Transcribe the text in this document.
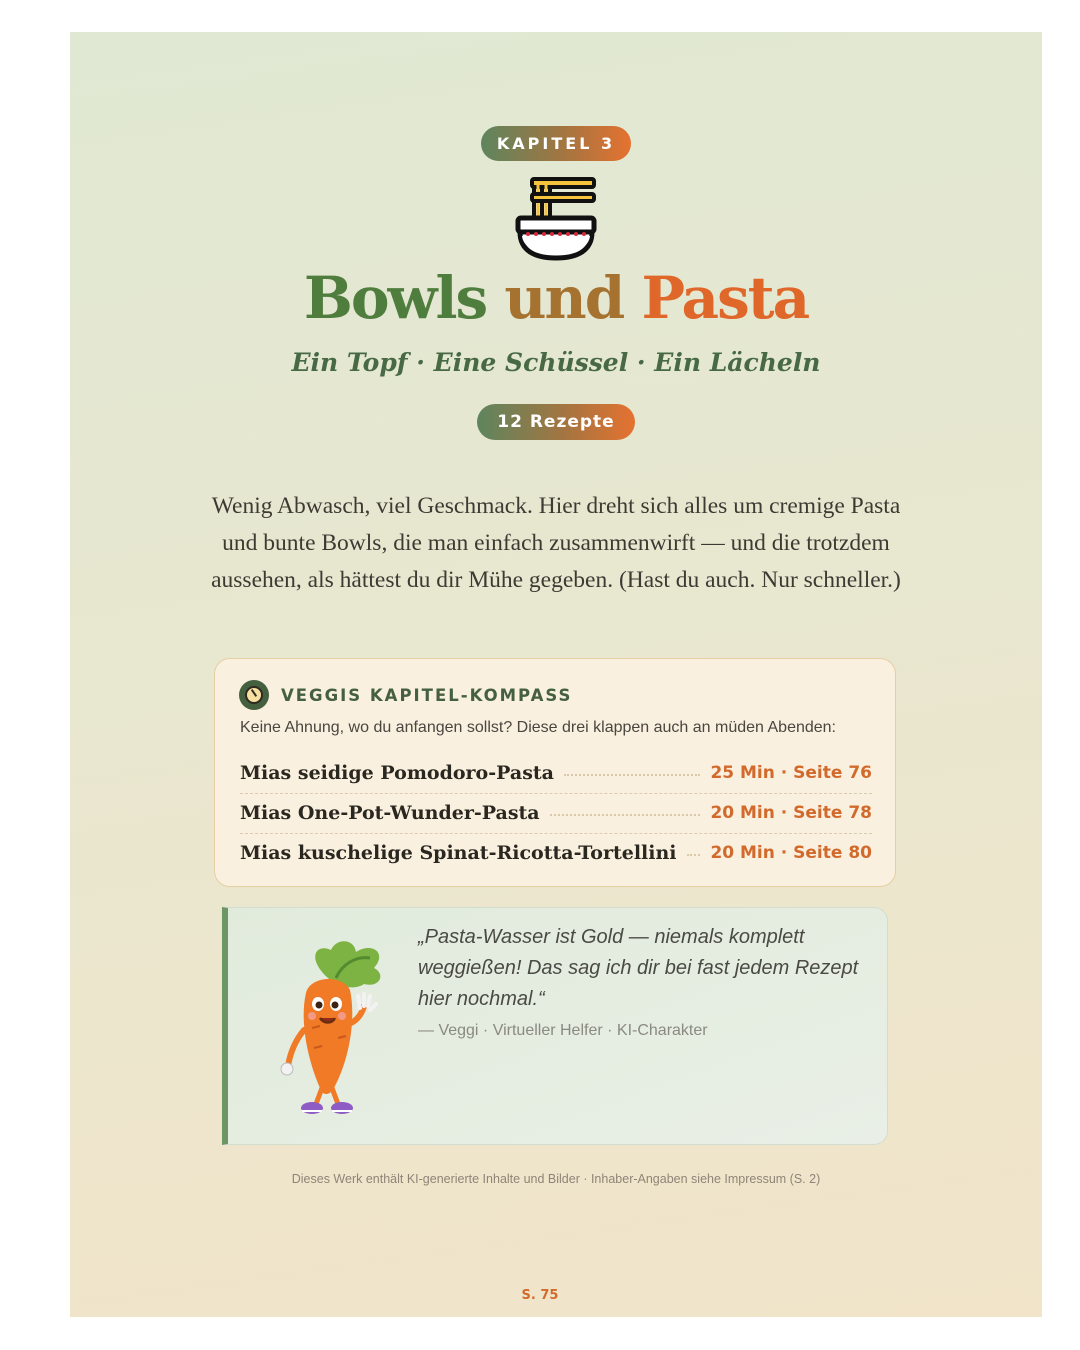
KAPITEL 3
Bowls und Pasta
Ein Topf · Eine Schüssel · Ein Lächeln
12 Rezepte
Wenig Abwasch, viel Geschmack. Hier dreht sich alles um cremige Pasta und bunte Bowls, die man einfach zusammenwirft — und die trotzdem aussehen, als hättest du dir Mühe gegeben. (Hast du auch. Nur schneller.)
VEGGIS KAPITEL-KOMPASS
Keine Ahnung, wo du anfangen sollst? Diese drei klappen auch an müden Abenden:
Mias seidige Pomodoro-Pasta	25 Min · Seite 76
Mias One-Pot-Wunder-Pasta	20 Min · Seite 78
Mias kuschelige Spinat-Ricotta-Tortellini 20 Min · Seite 80
„Pasta-Wasser ist Gold — niemals komplett weggießen! Das sag ich dir bei fast jedem Rezept hier nochmal.“
— Veggi · Virtueller Helfer · KI-Charakter
Dieses Werk enthält KI-generierte Inhalte und Bilder · Inhaber-Angaben siehe Impressum (S. 2)
S. 75
